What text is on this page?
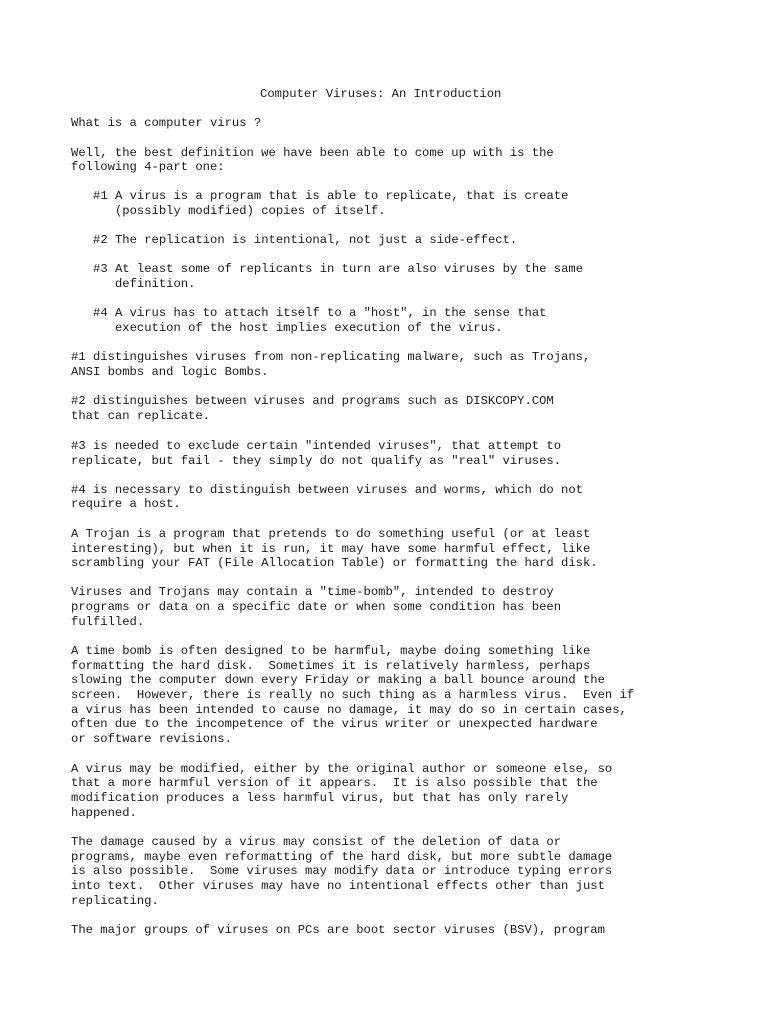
Computer Viruses: An Introduction
What is a computer virus ?
Well, the best definition we have been able to come up with is the
following 4-part one:
#1 A virus is a program that is able to replicate, that is create
(possibly modified) copies of itself.
#2 The replication is intentional, not just a side-effect.
#3 At least some of replicants in turn are also viruses by the same
definition.
#4 A virus has to attach itself to a "host", in the sense that
execution of the host implies execution of the virus.
#1 distinguishes viruses from non-replicating malware, such as Trojans,
ANSI bombs and logic Bombs.
#2 distinguishes between viruses and programs such as DISKCOPY.COM
that can replicate.
#3 is needed to exclude certain "intended viruses", that attempt to
replicate, but fail - they simply do not qualify as "real" viruses.
#4 is necessary to distinguish between viruses and worms, which do not
require a host.
A Trojan is a program that pretends to do something useful (or at least
interesting), but when it is run, it may have some harmful effect, like
scrambling your FAT (File Allocation Table) or formatting the hard disk.
Viruses and Trojans may contain a "time-bomb", intended to destroy
programs or data on a specific date or when some condition has been
fulfilled.
A time bomb is often designed to be harmful, maybe doing something like
formatting the hard disk.  Sometimes it is relatively harmless, perhaps
slowing the computer down every Friday or making a ball bounce around the
screen.  However, there is really no such thing as a harmless virus.  Even if
a virus has been intended to cause no damage, it may do so in certain cases,
often due to the incompetence of the virus writer or unexpected hardware
or software revisions.
A virus may be modified, either by the original author or someone else, so
that a more harmful version of it appears.  It is also possible that the
modification produces a less harmful virus, but that has only rarely
happened.
The damage caused by a virus may consist of the deletion of data or
programs, maybe even reformatting of the hard disk, but more subtle damage
is also possible.  Some viruses may modify data or introduce typing errors
into text.  Other viruses may have no intentional effects other than just
replicating.
The major groups of viruses on PCs are boot sector viruses (BSV), program
